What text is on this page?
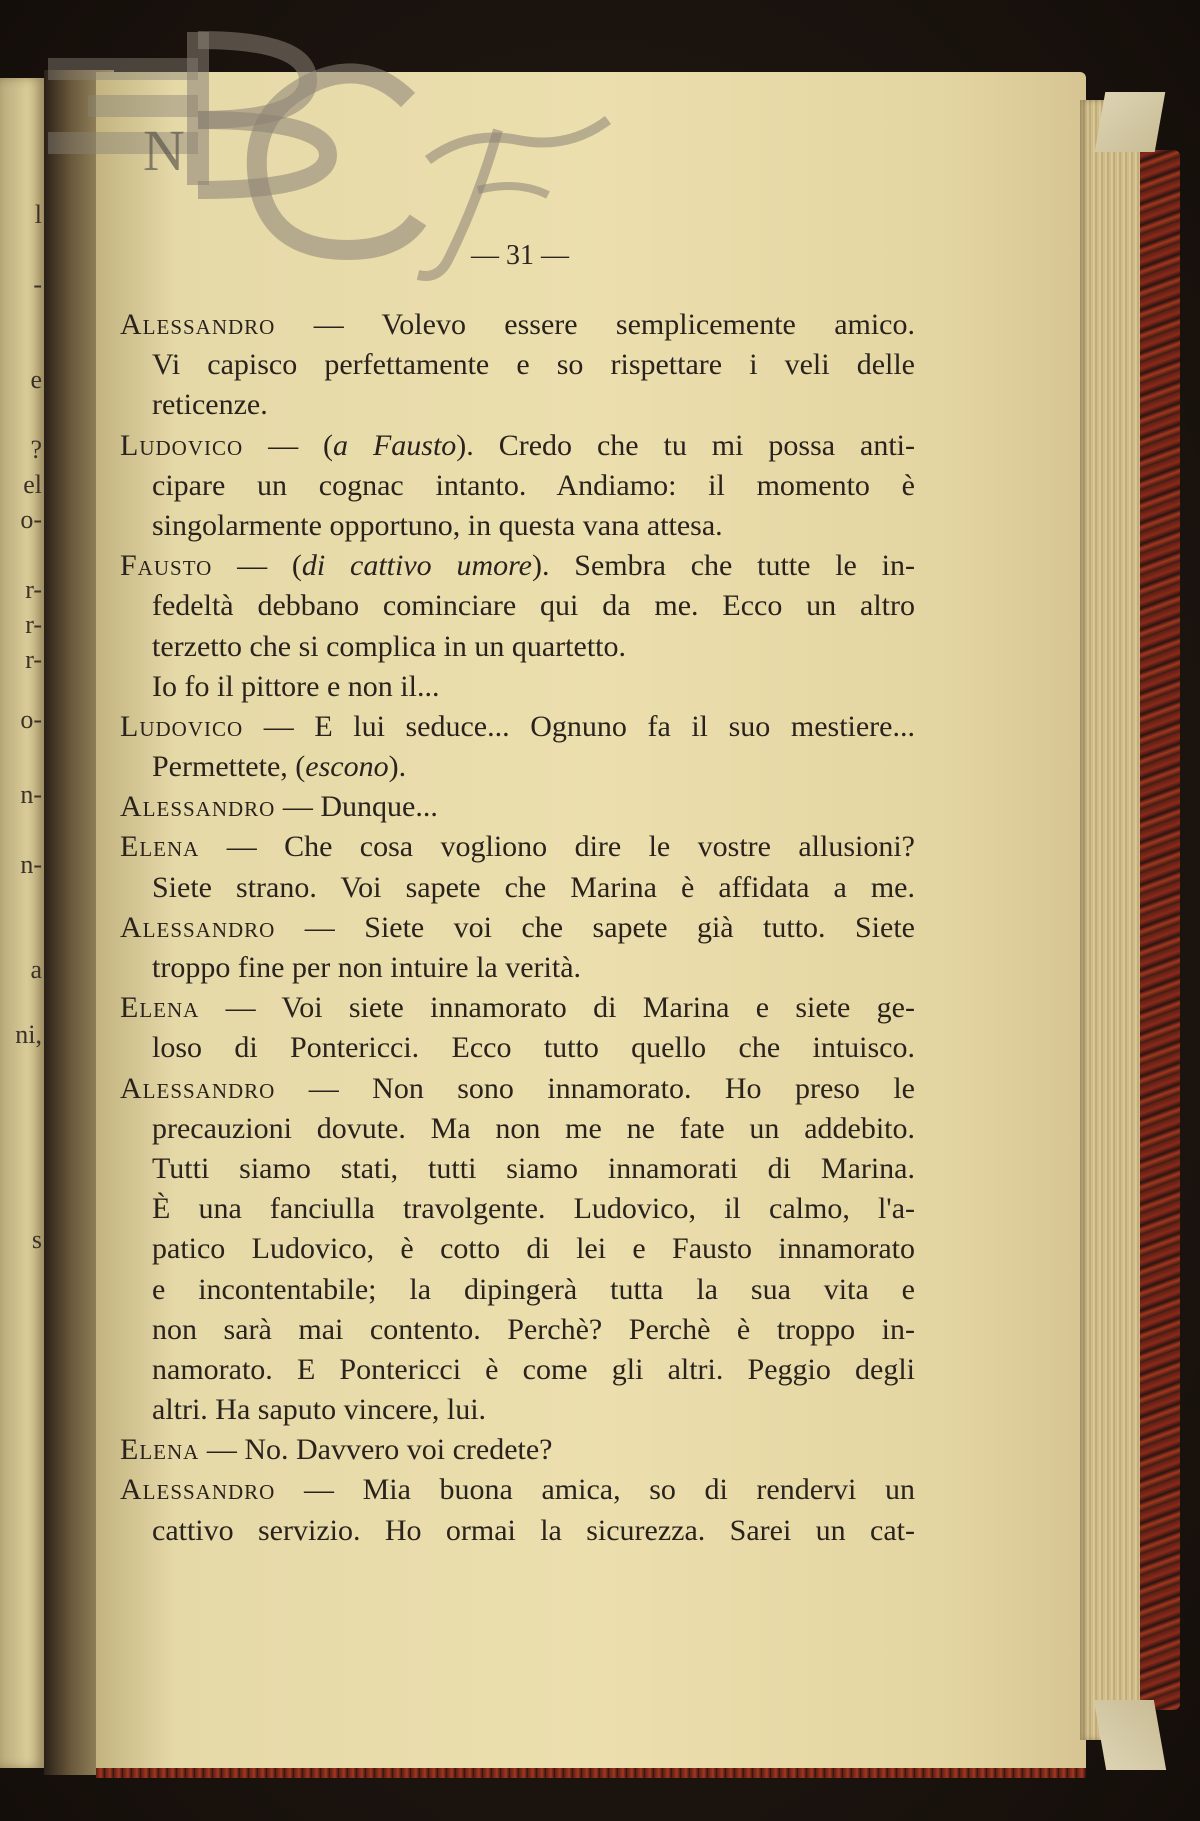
l
-
e
?
el
o-
r-
r-
r-
o-
n-
n-
a
ni,
s
N
— 31 —
Alessandro — Volevo essere semplicemente amico.
Vi capisco perfettamente e so rispettare i veli delle
reticenze.
Ludovico — (a Fausto). Credo che tu mi possa anti-
cipare un cognac intanto. Andiamo: il momento è
singolarmente opportuno, in questa vana attesa.
Fausto — (di cattivo umore). Sembra che tutte le in-
fedeltà debbano cominciare qui da me. Ecco un altro
terzetto che si complica in un quartetto.
Io fo il pittore e non il...
Ludovico — E lui seduce... Ognuno fa il suo mestiere...
Permettete, (escono).
Alessandro — Dunque...
Elena — Che cosa vogliono dire le vostre allusioni?
Siete strano. Voi sapete che Marina è affidata a me.
Alessandro — Siete voi che sapete già tutto. Siete
troppo fine per non intuire la verità.
Elena — Voi siete innamorato di Marina e siete ge-
loso di Pontericci. Ecco tutto quello che intuisco.
Alessandro — Non sono innamorato. Ho preso le
precauzioni dovute. Ma non me ne fate un addebito.
Tutti siamo stati, tutti siamo innamorati di Marina.
È una fanciulla travolgente. Ludovico, il calmo, l'a-
patico Ludovico, è cotto di lei e Fausto innamorato
e incontentabile; la dipingerà tutta la sua vita e
non sarà mai contento. Perchè? Perchè è troppo in-
namorato. E Pontericci è come gli altri. Peggio degli
altri. Ha saputo vincere, lui.
Elena — No. Davvero voi credete?
Alessandro — Mia buona amica, so di rendervi un
cattivo servizio. Ho ormai la sicurezza. Sarei un cat-
